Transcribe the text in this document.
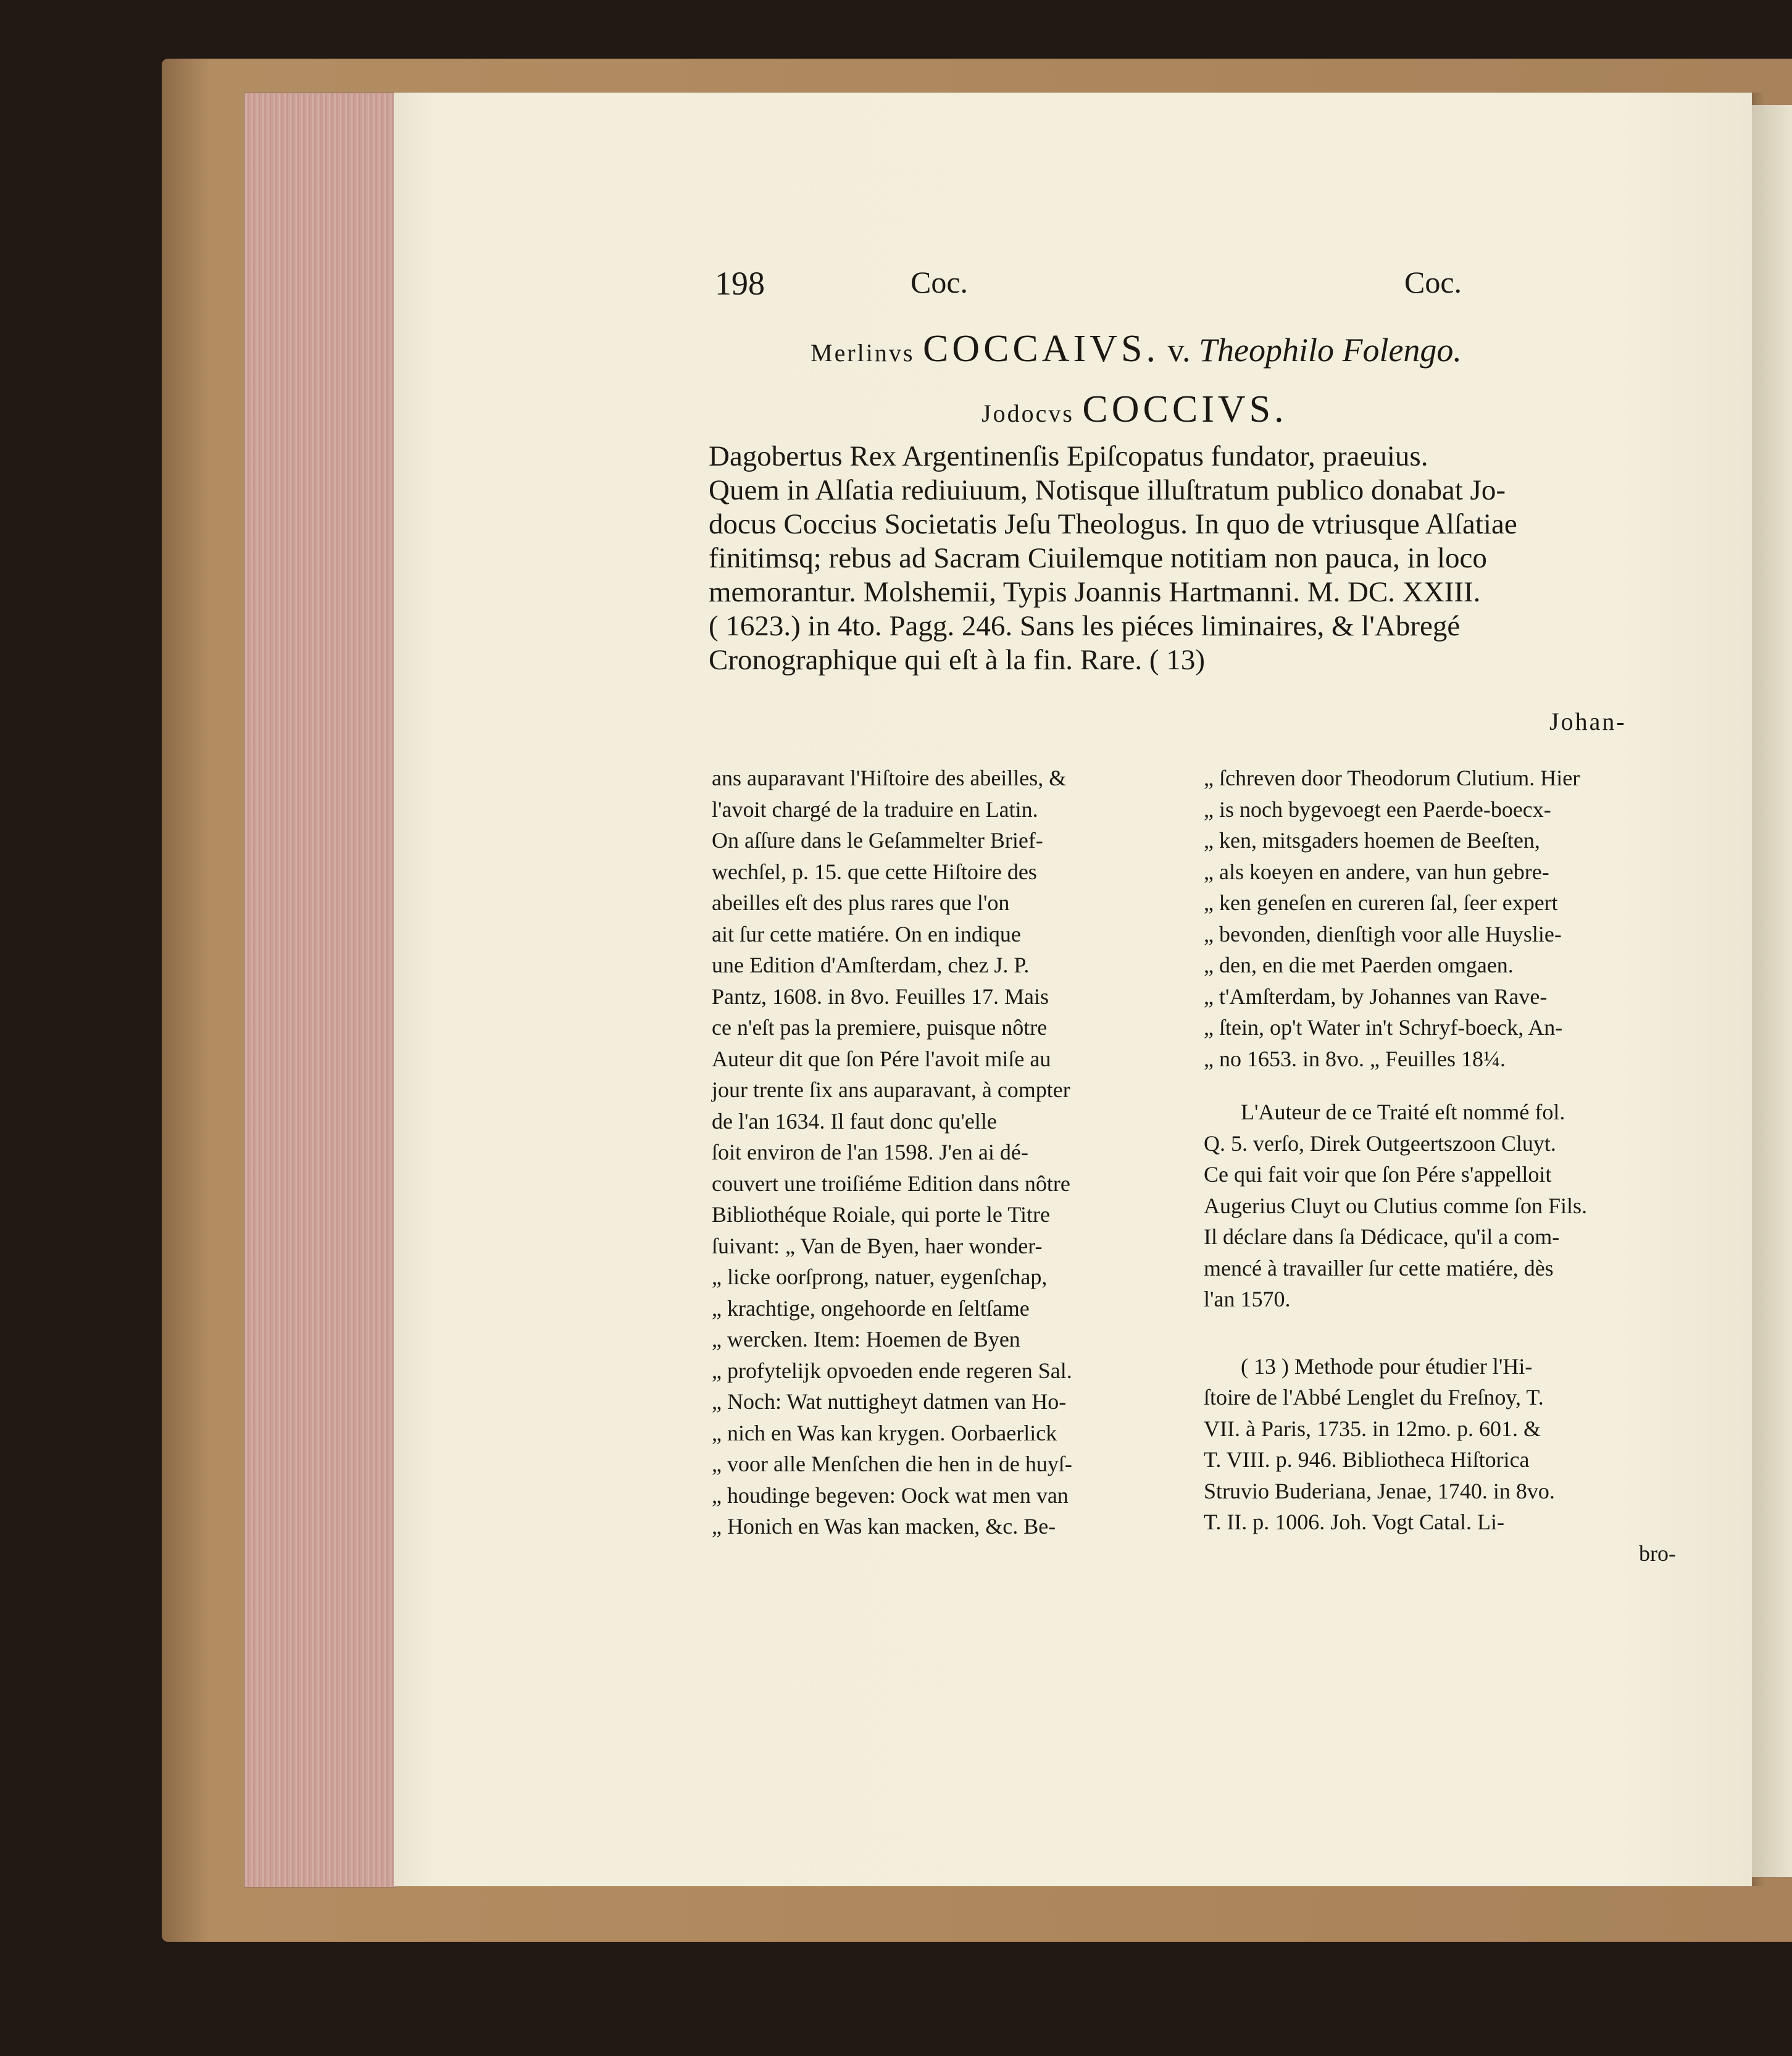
198	Coc.	Coc.
Merlinvs COCCAIVS. v. Theophilo Folengo.
Jodocvs COCCIVS.
Dagobertus Rex Argentinenſis Epiſcopatus fundator, praeuius.
Quem in Alſatia rediuiuum, Notisque illuſtratum publico donabat Jo-
docus Coccius Societatis Jeſu Theologus. In quo de vtriusque Alſatiae
finitimsq; rebus ad Sacram Ciuilemque notitiam non pauca, in loco
memorantur. Molshemii, Typis Joannis Hartmanni. M. DC. XXIII.
( 1623.) in 4to. Pagg. 246. Sans les piéces liminaires, & l'Abregé
Cronographique qui eſt à la fin. Rare. ( 13)
Johan-
ans auparavant l'Hiſtoire des abeilles, &
l'avoit chargé de la traduire en Latin.
On aſſure dans le Geſammelter Brief-
wechſel, p. 15. que cette Hiſtoire des
abeilles eſt des plus rares que l'on
ait ſur cette matiére. On en indique
une Edition d'Amſterdam, chez J. P.
Pantz, 1608. in 8vo. Feuilles 17. Mais
ce n'eſt pas la premiere, puisque nôtre
Auteur dit que ſon Pére l'avoit miſe au
jour trente ſix ans auparavant, à compter
de l'an 1634. Il faut donc qu'elle
ſoit environ de l'an 1598. J'en ai dé-
couvert une troiſiéme Edition dans nôtre
Bibliothéque Roiale, qui porte le Titre
ſuivant: „ Van de Byen, haer wonder-
„ licke oorſprong, natuer, eygenſchap,
„ krachtige, ongehoorde en ſeltſame
„ wercken. Item: Hoemen de Byen
„ profytelijk opvoeden ende regeren Sal.
„ Noch: Wat nuttigheyt datmen van Ho-
„ nich en Was kan krygen. Oorbaerlick
„ voor alle Menſchen die hen in de huyſ-
„ houdinge begeven: Oock wat men van
„ Honich en Was kan macken, &c. Be-
„ ſchreven door Theodorum Clutium. Hier
„ is noch bygevoegt een Paerde-boecx-
„ ken, mitsgaders hoemen de Beeſten,
„ als koeyen en andere, van hun gebre-
„ ken geneſen en cureren ſal, ſeer expert
„ bevonden, dienſtigh voor alle Huyslie-
„ den, en die met Paerden omgaen.
„ t'Amſterdam, by Johannes van Rave-
„ ſtein, op't Water in't Schryf-boeck, An-
„ no 1653. in 8vo. „ Feuilles 18¼.
L'Auteur de ce Traité eſt nommé fol.
Q. 5. verſo, Direk Outgeertszoon Cluyt.
Ce qui fait voir que ſon Pére s'appelloit
Augerius Cluyt ou Clutius comme ſon Fils.
Il déclare dans ſa Dédicace, qu'il a com-
mencé à travailler ſur cette matiére, dès
l'an 1570.
( 13 ) Methode pour étudier l'Hi-
ſtoire de l'Abbé Lenglet du Freſnoy, T.
VII. à Paris, 1735. in 12mo. p. 601. &
T. VIII. p. 946. Bibliotheca Hiſtorica
Struvio Buderiana, Jenae, 1740. in 8vo.
T. II. p. 1006. Joh. Vogt Catal. Li-
bro-
